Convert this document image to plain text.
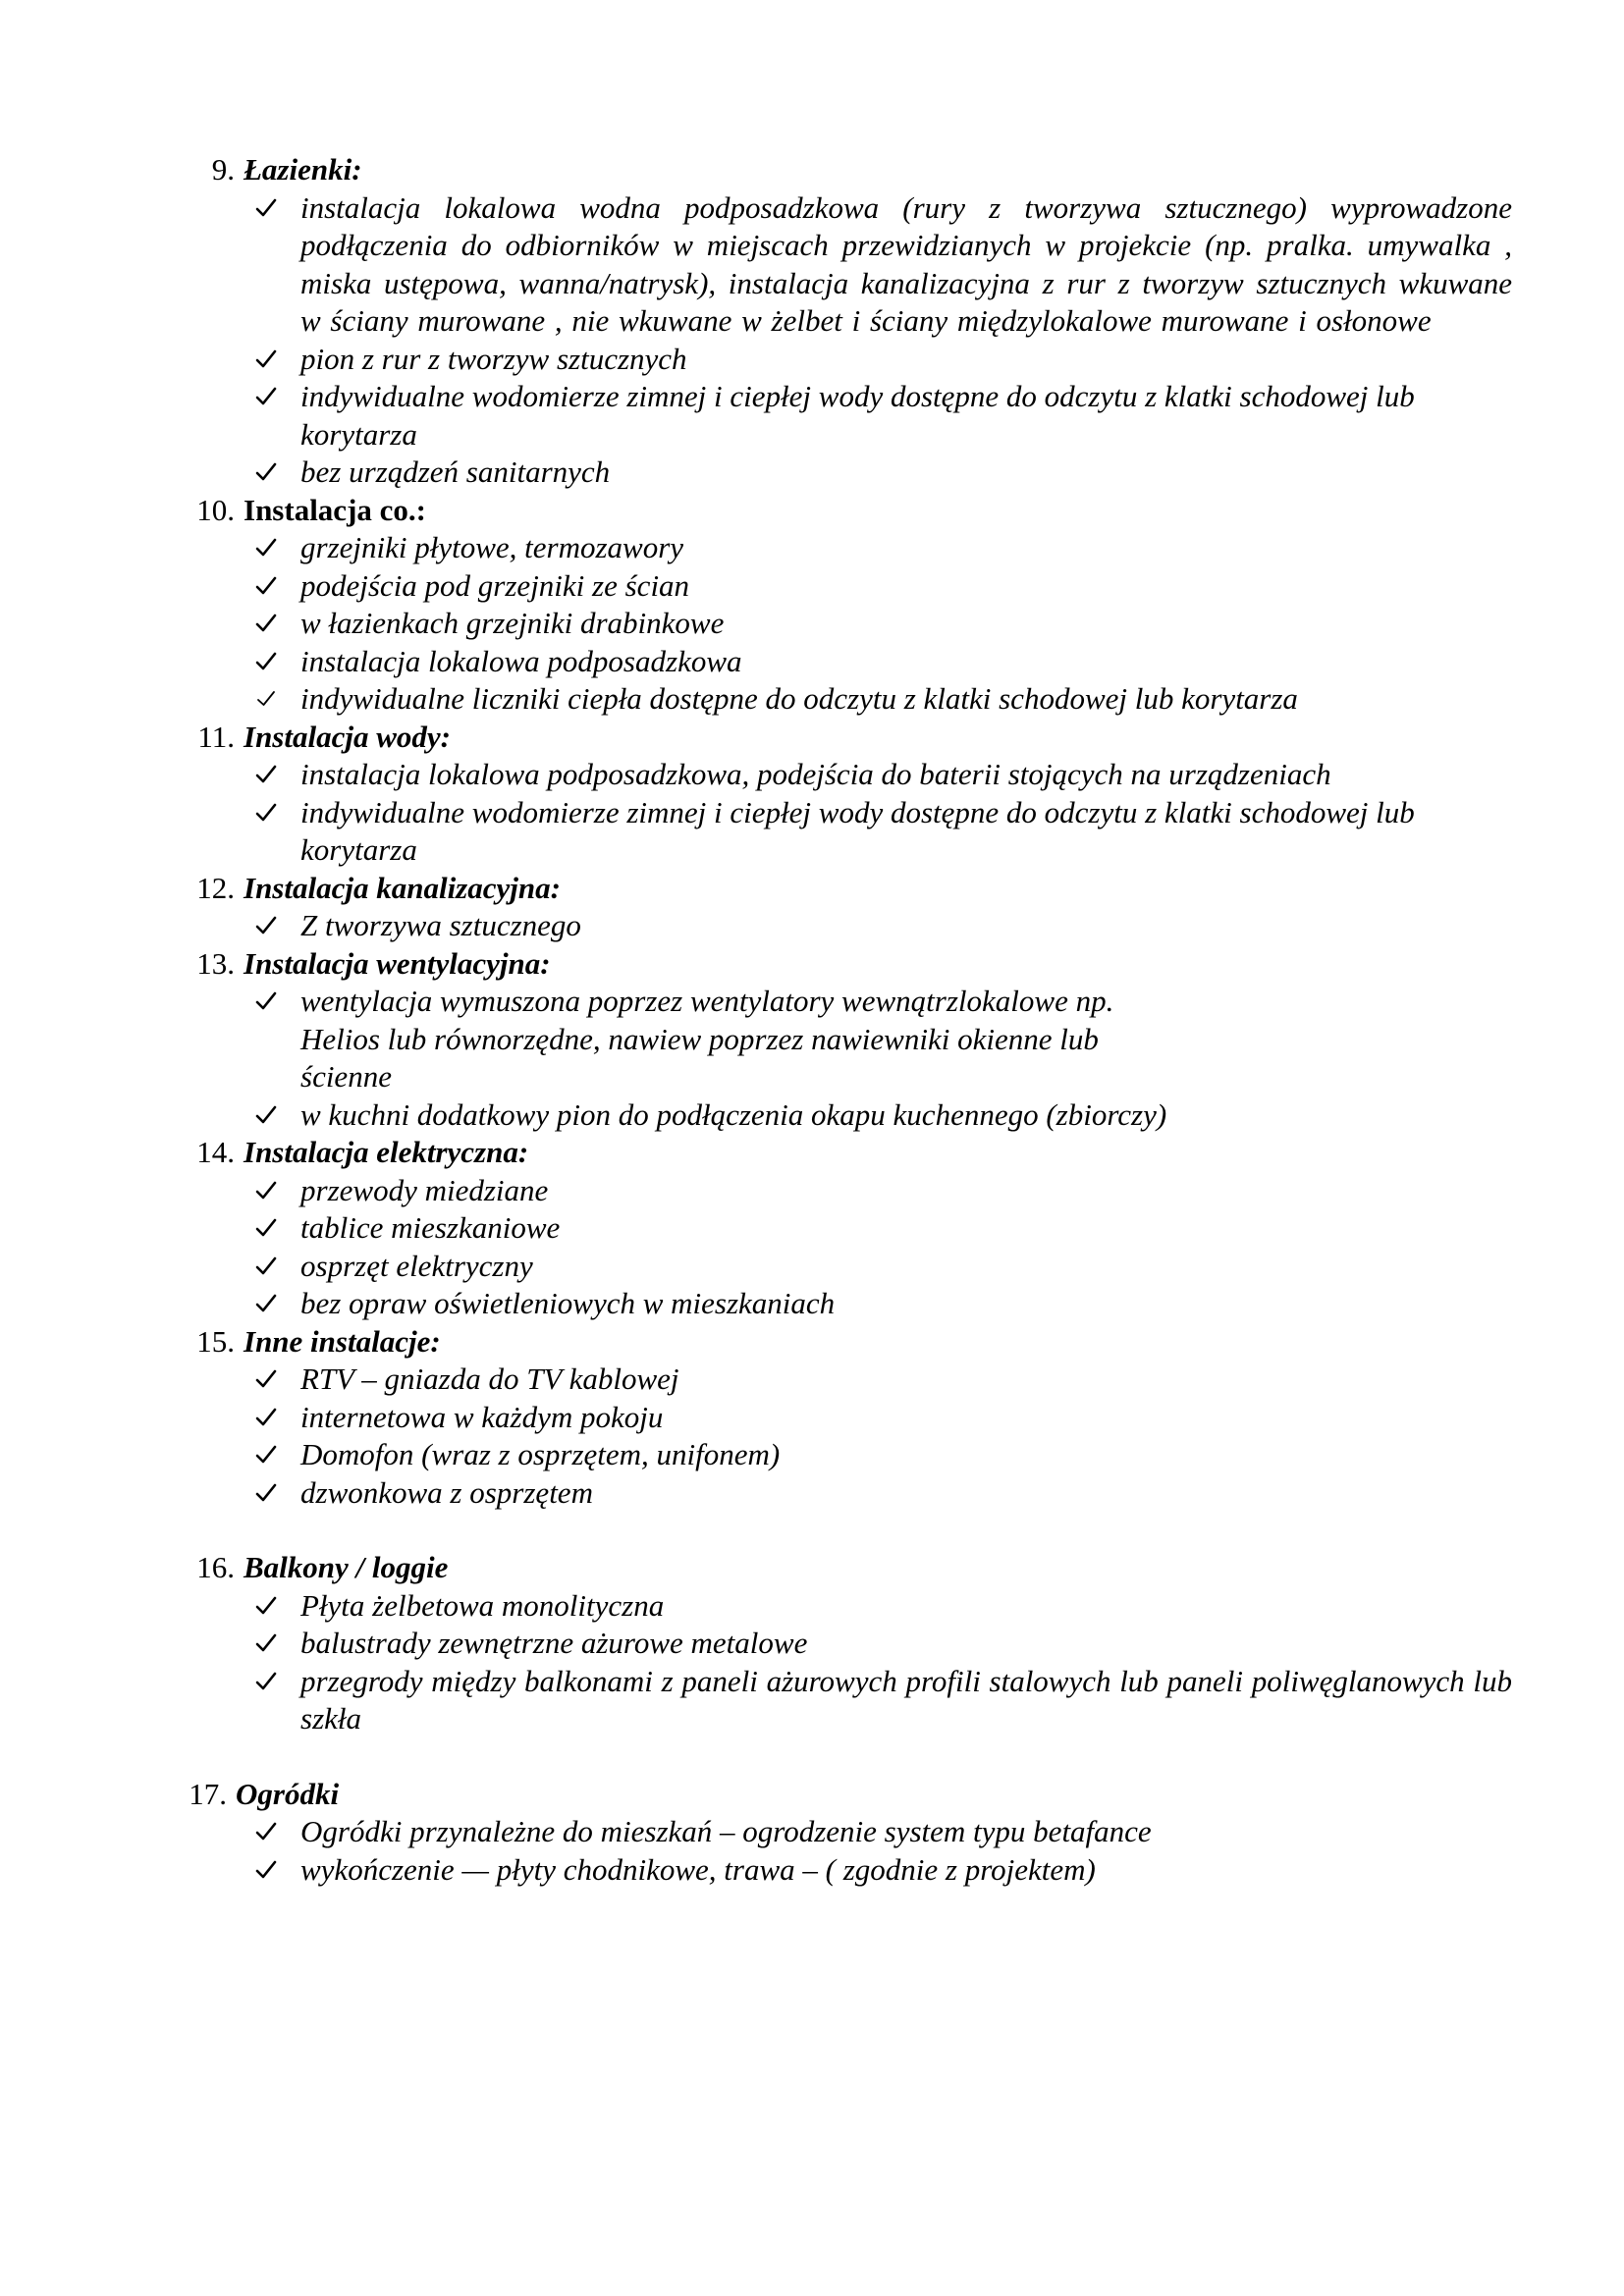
9. Łazienki:
instalacja lokalowa wodna podposadzkowa (rury z tworzywa sztucznego) wyprowadzone podłączenia do odbiorników w miejscach przewidzianych w projekcie (np. pralka. umywalka , miska ustępowa, wanna/natrysk), instalacja kanalizacyjna z rur z tworzyw sztucznych wkuwane w ściany murowane , nie wkuwane w żelbet i ściany międzylokalowe murowane i osłonowe
pion z rur z tworzyw sztucznych
indywidualne wodomierze zimnej i ciepłej wody dostępne do odczytu z klatki schodowej lub korytarza
bez urządzeń sanitarnych
10. Instalacja co.:
grzejniki płytowe, termozawory
podejścia pod grzejniki ze ścian
w łazienkach grzejniki drabinkowe
instalacja lokalowa podposadzkowa
indywidualne liczniki ciepła dostępne do odczytu z klatki schodowej lub korytarza
11. Instalacja wody:
instalacja lokalowa podposadzkowa, podejścia do baterii stojących na urządzeniach
indywidualne wodomierze zimnej i ciepłej wody dostępne do odczytu z klatki schodowej lub korytarza
12. Instalacja kanalizacyjna:
Z tworzywa sztucznego
13. Instalacja wentylacyjna:
wentylacja wymuszona poprzez wentylatory wewnątrzlokalowe np. Helios lub równorzędne, nawiew poprzez nawiewniki okienne lub ścienne
w kuchni dodatkowy pion do podłączenia okapu kuchennego (zbiorczy)
14. Instalacja elektryczna:
przewody miedziane
tablice mieszkaniowe
osprzęt elektryczny
bez opraw oświetleniowych w mieszkaniach
15. Inne instalacje:
RTV – gniazda do TV kablowej
internetowa w każdym pokoju
Domofon (wraz z osprzętem, unifonem)
dzwonkowa z osprzętem
16. Balkony / loggie
Płyta żelbetowa monolityczna
balustrady zewnętrzne ażurowe metalowe
przegrody między balkonami z paneli ażurowych profili stalowych lub paneli poliwęglanowych lub szkła
17. Ogródki
Ogródki przynależne do mieszkań – ogrodzenie system typu betafance
wykończenie — płyty chodnikowe, trawa – ( zgodnie z projektem)
